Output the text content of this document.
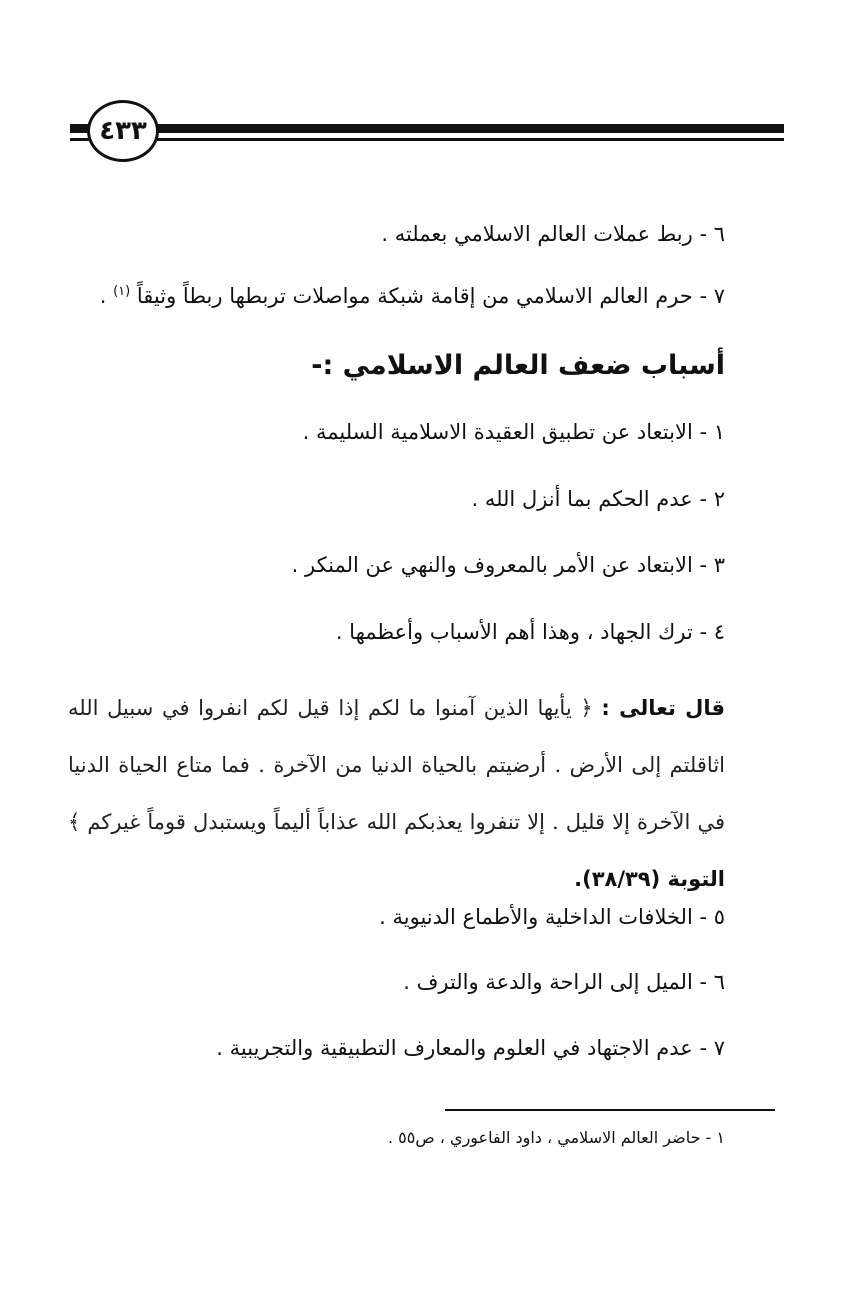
٤٣٣
٦ - ربط عملات العالم الاسلامي بعملته .
٧ - حرم العالم الاسلامي من إقامة شبكة مواصلات تربطها ربطاً وثيقاً $^{(١)}$ .
أسباب ضعف العالم الاسلامي :-
١ - الابتعاد عن تطبيق العقيدة الاسلامية السليمة .
٢ - عدم الحكم بما أنزل الله .
٣ - الابتعاد عن الأمر بالمعروف والنهي عن المنكر .
٤ - ترك الجهاد ، وهذا أهم الأسباب وأعظمها .
قال تعالى : ﴿ يأيها الذين آمنوا ما لكم إذا قيل لكم انفروا في سبيل الله اثاقلتم إلى الأرض . أرضيتم بالحياة الدنيا من الآخرة . فما متاع الحياة الدنيا في الآخرة إلا قليل . إلا تنفروا يعذبكم الله عذاباً أليماً ويستبدل قوماً غيركم ﴾ التوبة (٣٨/٣٩).
٥ - الخلافات الداخلية والأطماع الدنيوية .
٦ - الميل إلى الراحة والدعة والترف .
٧ - عدم الاجتهاد في العلوم والمعارف التطبيقية والتجريبية .
١ - حاضر العالم الاسلامي ، داود الفاعوري ، ص٥٥ .
